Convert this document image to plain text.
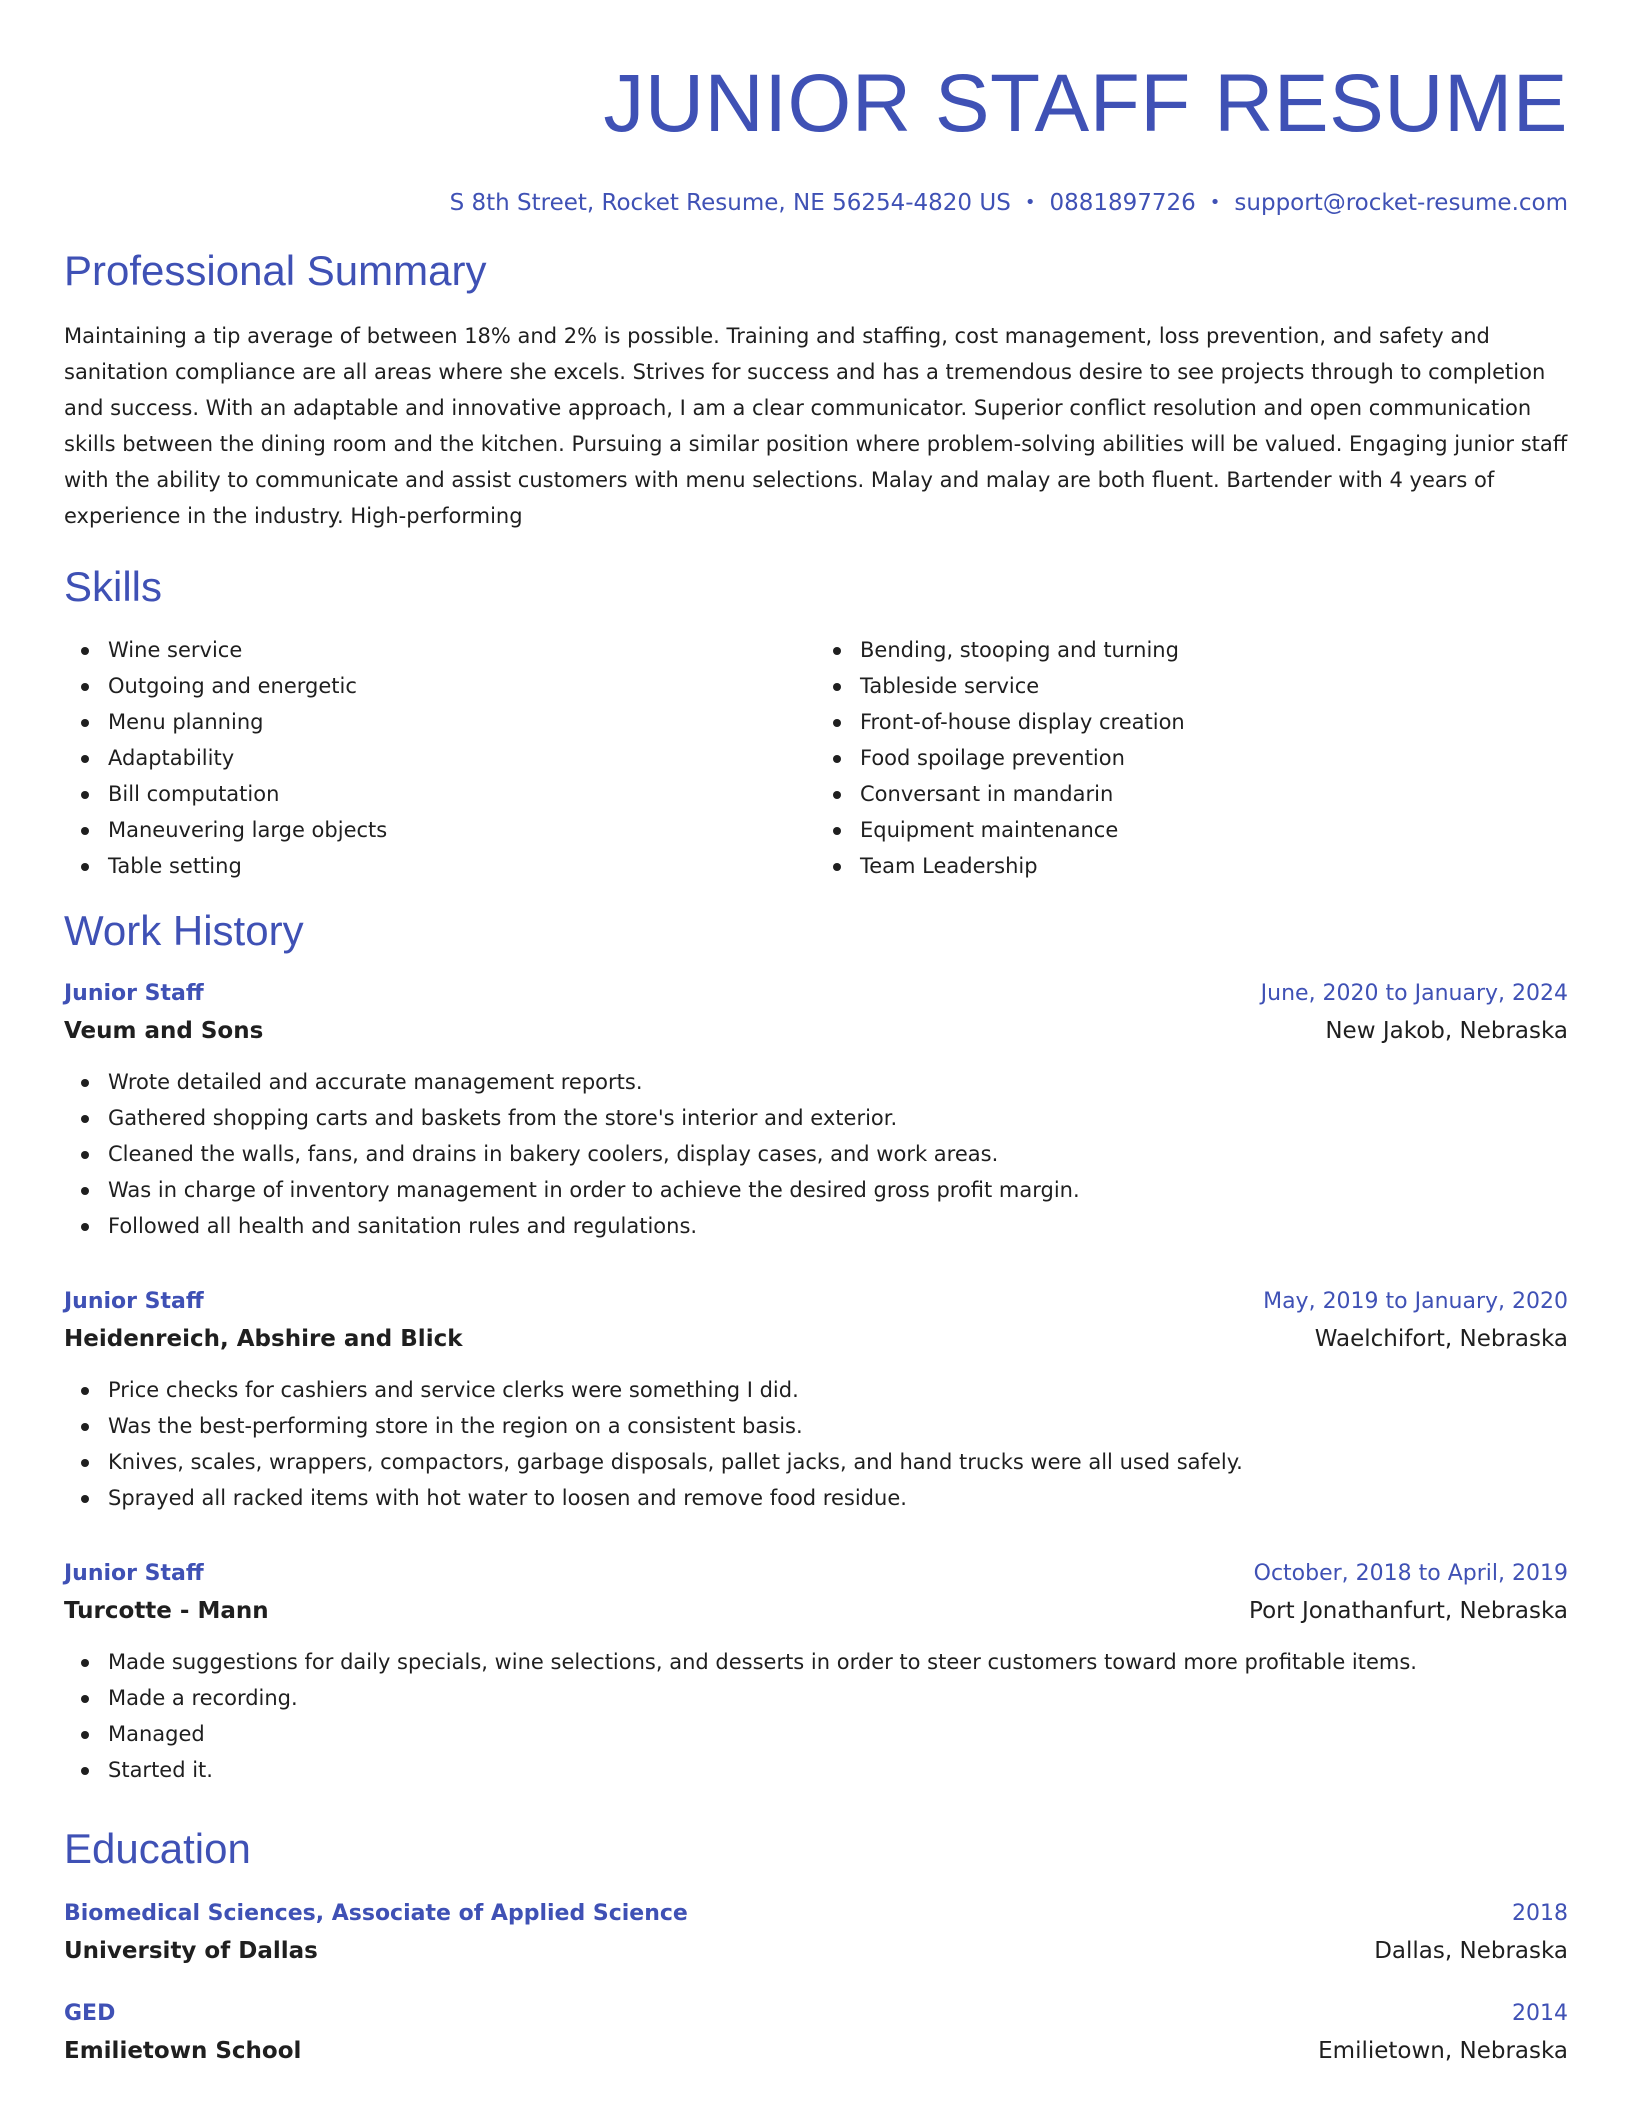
JUNIOR STAFF RESUME
S 8th Street, Rocket Resume, NE 56254-4820 US • 0881897726 • support@rocket-resume.com
Professional Summary

Maintaining a tip average of between 18% and 2% is possible. Training and staffing, cost management, loss prevention, and safety and sanitation compliance are all areas where she excels. Strives for success and has a tremendous desire to see projects through to completion and success. With an adaptable and innovative approach, I am a clear communicator. Superior conflict resolution and open communication skills between the dining room and the kitchen. Pursuing a similar position where problem-solving abilities will be valued. Engaging junior staff with the ability to communicate and assist customers with menu selections. Malay and malay are both fluent. Bartender with 4 years of experience in the industry. High-performing

Skills
Wine service
Outgoing and energetic
Menu planning
Adaptability
Bill computation
Maneuvering large objects
Table setting
Bending, stooping and turning
Tableside service
Front-of-house display creation
Food spoilage prevention
Conversant in mandarin
Equipment maintenance
Team Leadership
Work History
Junior Staff	June, 2020 to January, 2024
Veum and Sons	New Jakob, Nebraska
Wrote detailed and accurate management reports.
Gathered shopping carts and baskets from the store's interior and exterior.
Cleaned the walls, fans, and drains in bakery coolers, display cases, and work areas.
Was in charge of inventory management in order to achieve the desired gross profit margin.
Followed all health and sanitation rules and regulations.
Junior Staff	May, 2019 to January, 2020
Heidenreich, Abshire and Blick	Waelchifort, Nebraska
Price checks for cashiers and service clerks were something I did.
Was the best-performing store in the region on a consistent basis.
Knives, scales, wrappers, compactors, garbage disposals, pallet jacks, and hand trucks were all used safely.
Sprayed all racked items with hot water to loosen and remove food residue.
Junior Staff	October, 2018 to April, 2019
Turcotte - Mann	Port Jonathanfurt, Nebraska
Made suggestions for daily specials, wine selections, and desserts in order to steer customers toward more profitable items.
Made a recording.
Managed
Started it.
Education
Biomedical Sciences, Associate of Applied Science	2018
University of Dallas	Dallas, Nebraska
GED	2014
Emilietown School	Emilietown, Nebraska
